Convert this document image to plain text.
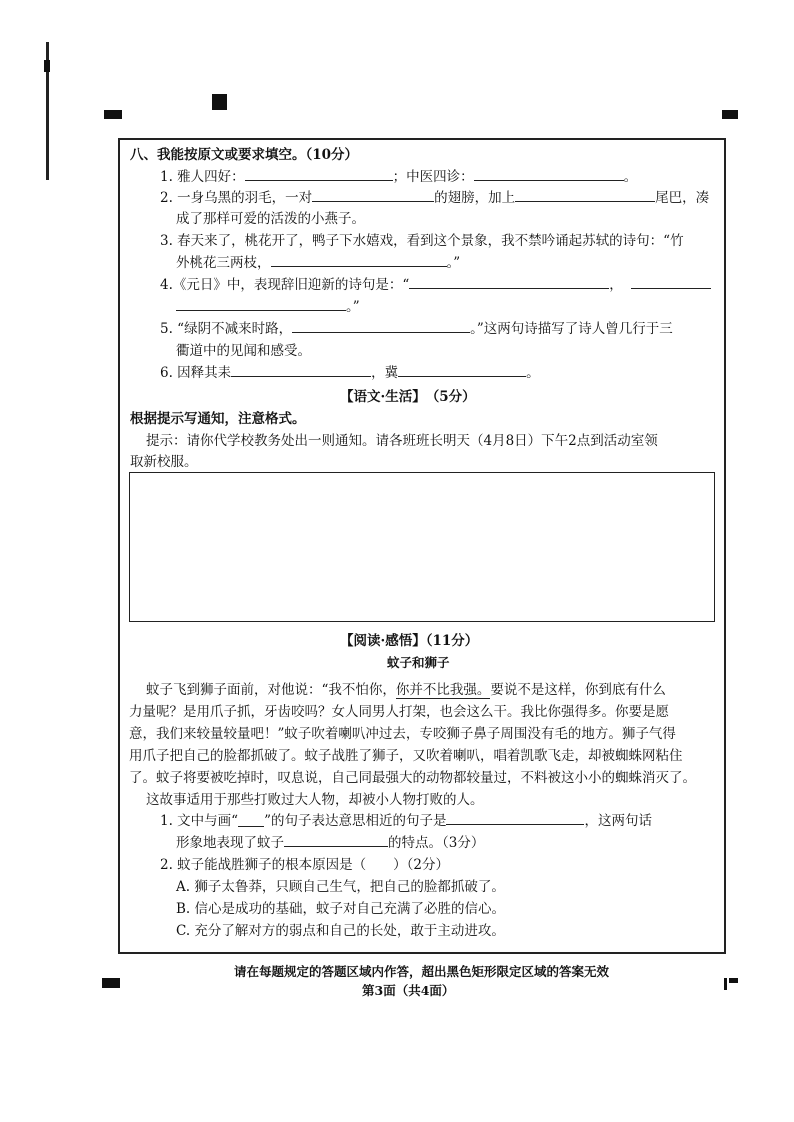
八、我能按原文或要求填空。（10分）
1. 雅人四好：	；中医四诊：	。
2. 一身乌黑的羽毛，一对	的翅膀，加上	尾巴，凑
成了那样可爱的活泼的小燕子。
3. 春天来了，桃花开了，鸭子下水嬉戏，看到这个景象，我不禁吟诵起苏轼的诗句：“竹
外桃花三两枝，	。”
4.《元日》中，表现辞旧迎新的诗句是：“	，
。”
5. “绿阴不减来时路，	。”这两句诗描写了诗人曾几行于三
衢道中的见闻和感受。
6. 因释其耒	，冀	。
【语文·生活】　（5分）
根据提示写通知，注意格式。
提示：请你代学校教务处出一则通知。请各班班长明天（4月8日）下午2点到活动室领
取新校服。
【阅读·感悟】（11分）
蚊子和狮子
蚊子飞到狮子面前，对他说：“我不怕你，你并不比我强。要说不是这样，你到底有什么
力量呢？是用爪子抓，牙齿咬吗？女人同男人打架，也会这么干。我比你强得多。你要是愿
意，我们来较量较量吧！”蚊子吹着喇叭冲过去，专咬狮子鼻子周围没有毛的地方。狮子气得
用爪子把自己的脸都抓破了。蚊子战胜了狮子，又吹着喇叭，唱着凯歌飞走，却被蜘蛛网粘住
了。蚊子将要被吃掉时，叹息说，自己同最强大的动物都较量过，不料被这小小的蜘蛛消灭了。
这故事适用于那些打败过大人物，却被小人物打败的人。
1. 文中与画“ ”的句子表达意思相近的句子是	，这两句话
形象地表现了蚊子	的特点。（3分）
2. 蚊子能战胜狮子的根本原因是（　　）（2分）
A. 狮子太鲁莽，只顾自己生气，把自己的脸都抓破了。
B. 信心是成功的基础，蚊子对自己充满了必胜的信心。
C. 充分了解对方的弱点和自己的长处，敢于主动进攻。
请在每题规定的答题区域内作答，超出黑色矩形限定区域的答案无效
第3面（共4面）
